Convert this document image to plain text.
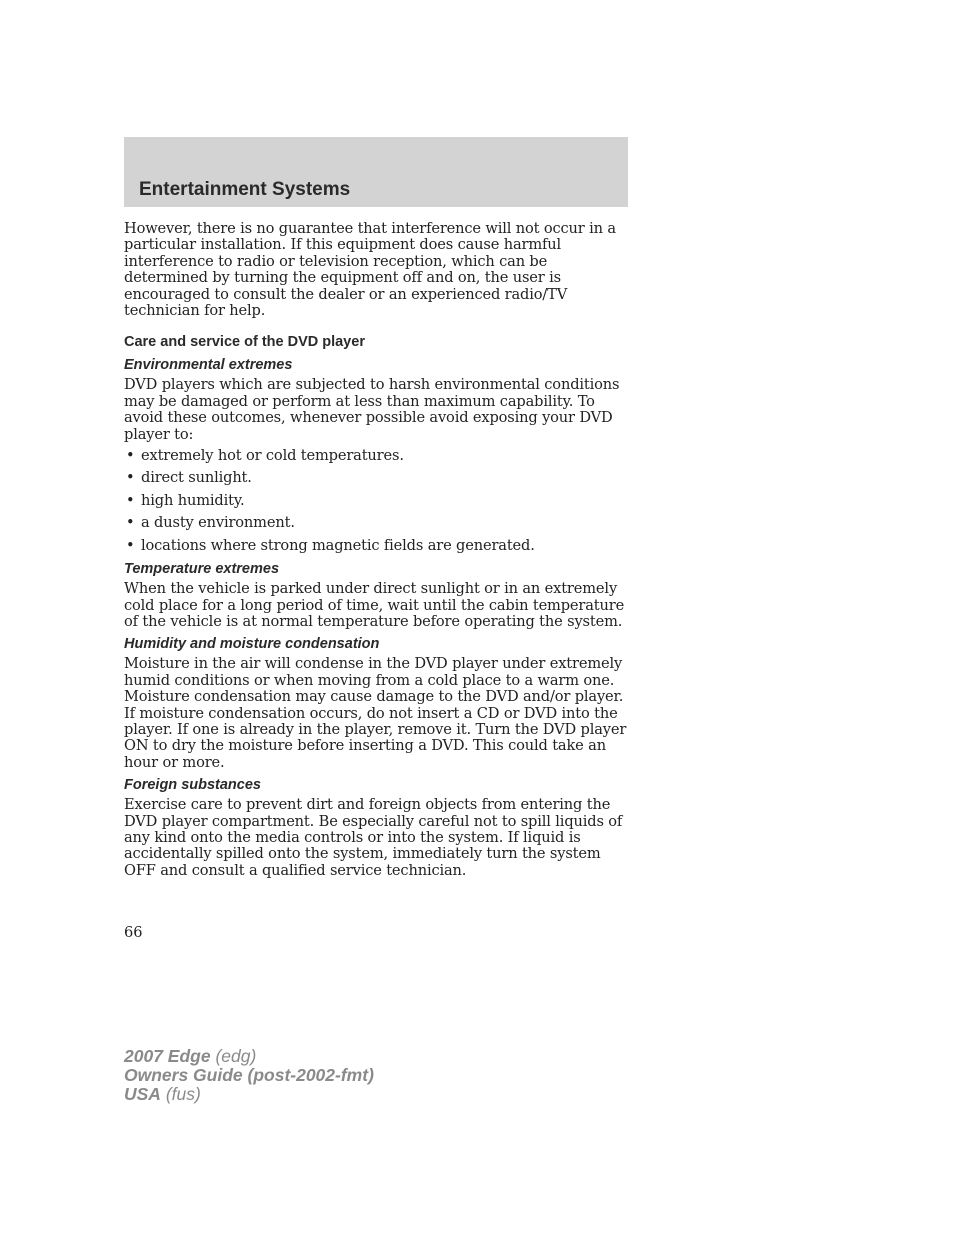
Entertainment Systems

However, there is no guarantee that interference will not occur in a particular installation. If this equipment does cause harmful interference to radio or television reception, which can be determined by turning the equipment off and on, the user is encouraged to consult the dealer or an experienced radio/TV technician for help.

Care and service of the DVD player
Environmental extremes

DVD players which are subjected to harsh environmental conditions may be damaged or perform at less than maximum capability. To avoid these outcomes, whenever possible avoid exposing your DVD player to:

• extremely hot or cold temperatures.
• direct sunlight.
• high humidity.
• a dusty environment.
• locations where strong magnetic fields are generated.
Temperature extremes

When the vehicle is parked under direct sunlight or in an extremely cold place for a long period of time, wait until the cabin temperature of the vehicle is at normal temperature before operating the system.

Humidity and moisture condensation

Moisture in the air will condense in the DVD player under extremely humid conditions or when moving from a cold place to a warm one. Moisture condensation may cause damage to the DVD and/or player. If moisture condensation occurs, do not insert a CD or DVD into the player. If one is already in the player, remove it. Turn the DVD player ON to dry the moisture before inserting a DVD. This could take an hour or more.

Foreign substances

Exercise care to prevent dirt and foreign objects from entering the DVD player compartment. Be especially careful not to spill liquids of any kind onto the media controls or into the system. If liquid is accidentally spilled onto the system, immediately turn the system OFF and consult a qualified service technician.

66
2007 Edge (edg)
Owners Guide (post-2002-fmt)
USA (fus)
